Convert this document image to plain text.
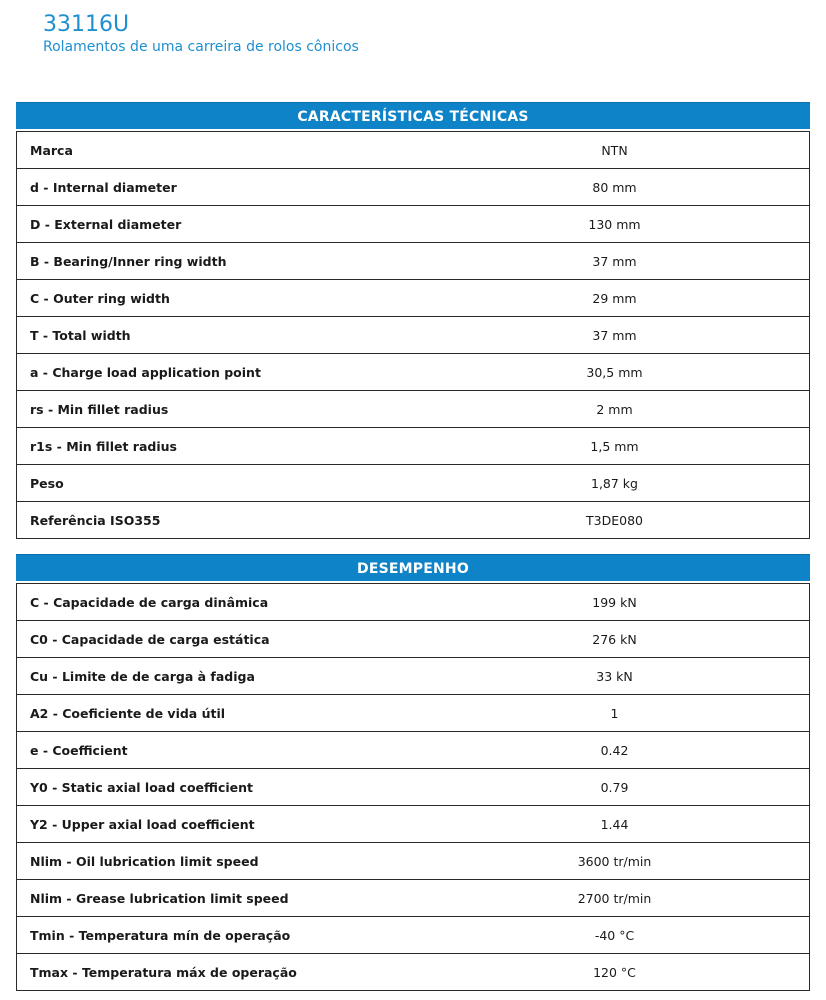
33116U
Rolamentos de uma carreira de rolos cônicos
CARACTERÍSTICAS TÉCNICAS
Marca	NTN
d - Internal diameter	80 mm
D - External diameter	130 mm
B - Bearing/Inner ring width	37 mm
C - Outer ring width	29 mm
T - Total width	37 mm
a - Charge load application point	30,5 mm
rs - Min fillet radius	2 mm
r1s - Min fillet radius	1,5 mm
Peso	1,87 kg
Referência ISO355	T3DE080
DESEMPENHO
C - Capacidade de carga dinâmica	199 kN
C0 - Capacidade de carga estática	276 kN
Cu - Limite de de carga à fadiga	33 kN
A2 - Coeficiente de vida útil	1
e - Coefficient	0.42
Y0 - Static axial load coefficient	0.79
Y2 - Upper axial load coefficient	1.44
Nlim - Oil lubrication limit speed	3600 tr/min
Nlim - Grease lubrication limit speed	2700 tr/min
Tmin - Temperatura mín de operação	-40 °C
Tmax - Temperatura máx de operação	120 °C
